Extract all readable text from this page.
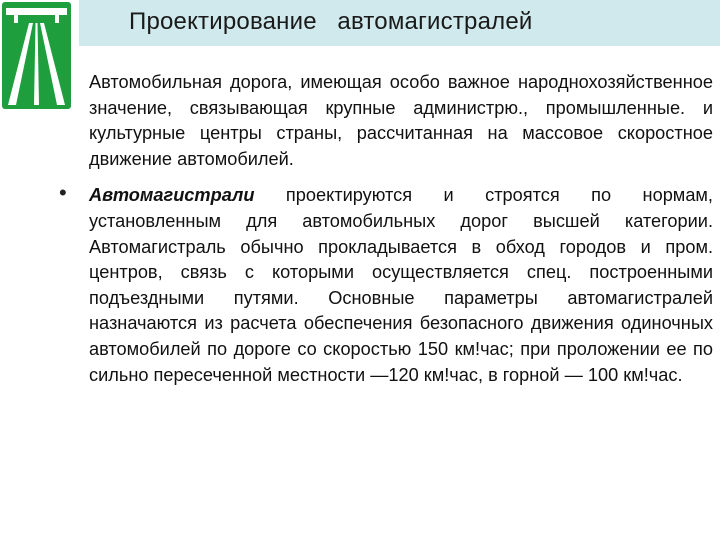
Проектирование   автомагистралей

Автомобильная дорога, имеющая особо важное народнохозяйственное значение, связывающая крупные администрю., промышленные. и культурные центры страны, рассчитанная на массовое скоростное движение автомобилей.

• Автомагистрали проектируются и строятся по нормам, установленным для автомобильных дорог высшей категории. Автомагистраль обычно прокладывается в обход городов и пром. центров, связь с которыми осуществляется спец. построенными подъездными путями. Основные параметры автомагистралей назначаются из расчета обеспечения безопасного движения одиночных автомобилей по дороге со скоростью 150 км!час; при проложении ее по сильно пересеченной местности —120 км!час, в горной — 100 км!час.
